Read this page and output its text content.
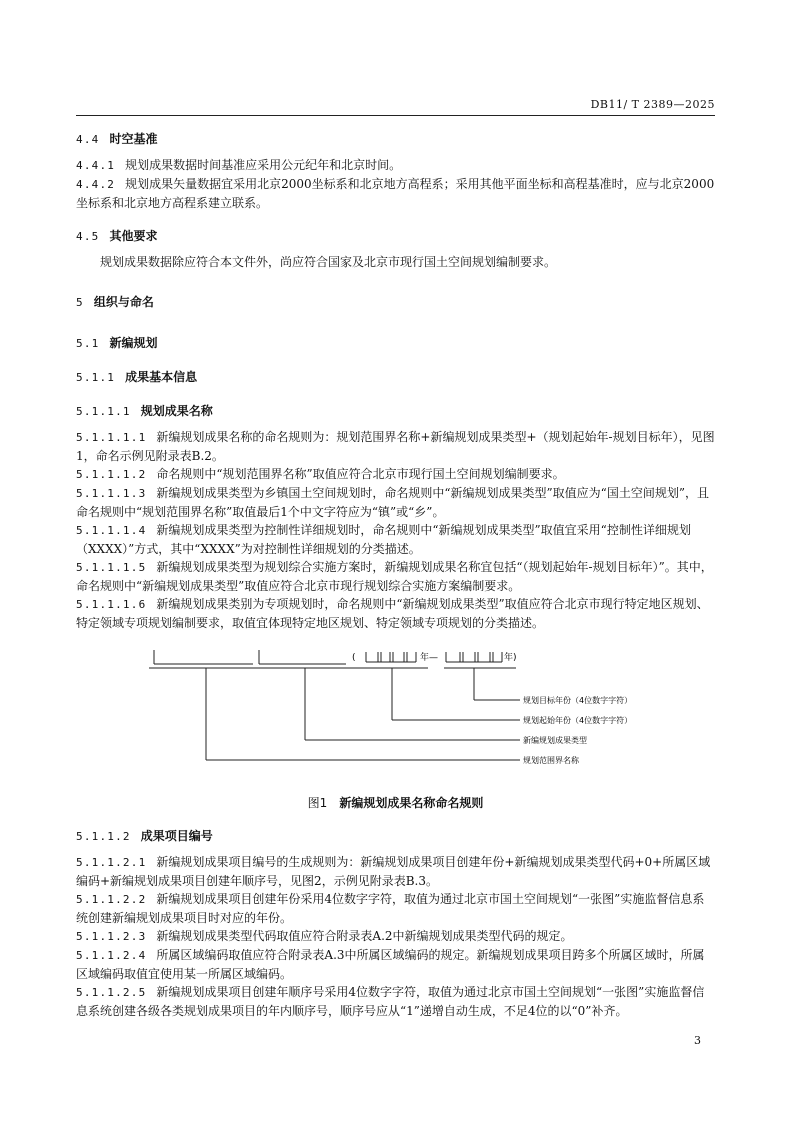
DB11/ T 2389—2025

4.4 时空基准

4.4.1 规划成果数据时间基准应采用公元纪年和北京时间。

4.4.2 规划成果矢量数据宜采用北京2000坐标系和北京地方高程系；采用其他平面坐标和高程基准时，应与北京2000坐标系和北京地方高程系建立联系。

4.5 其他要求

规划成果数据除应符合本文件外，尚应符合国家及北京市现行国土空间规划编制要求。

5 组织与命名

5.1 新编规划

5.1.1 成果基本信息

5.1.1.1 规划成果名称

5.1.1.1.1 新编规划成果名称的命名规则为：规划范围界名称+新编规划成果类型+（规划起始年-规划目标年），见图1，命名示例见附录表B.2。

5.1.1.1.2 命名规则中“规划范围界名称”取值应符合北京市现行国土空间规划编制要求。

5.1.1.1.3 新编规划成果类型为乡镇国土空间规划时，命名规则中“新编规划成果类型”取值应为“国土空间规划”，且命名规则中“规划范围界名称”取值最后1个中文字符应为“镇”或“乡”。

5.1.1.1.4 新编规划成果类型为控制性详细规划时，命名规则中“新编规划成果类型”取值宜采用“控制性详细规划（XXXX）”方式，其中“XXXX”为对控制性详细规划的分类描述。

5.1.1.1.5 新编规划成果类型为规划综合实施方案时，新编规划成果名称宜包括“（规划起始年-规划目标年）”。其中，命名规则中“新编规划成果类型”取值应符合北京市现行规划综合实施方案编制要求。

5.1.1.1.6 新编规划成果类别为专项规划时，命名规则中“新编规划成果类型”取值应符合北京市现行特定地区规划、特定领域专项规划编制要求，取值宜体现特定地区规划、特定领域专项规划的分类描述。

(	年—	年)
规划目标年份（4位数字字符）
规划起始年份（4位数字字符）
新编规划成果类型
规划范围界名称

图1 新编规划成果名称命名规则

5.1.1.2 成果项目编号

5.1.1.2.1 新编规划成果项目编号的生成规则为：新编规划成果项目创建年份+新编规划成果类型代码+0+所属区域编码+新编规划成果项目创建年顺序号，见图2，示例见附录表B.3。

5.1.1.2.2 新编规划成果项目创建年份采用4位数字字符，取值为通过北京市国土空间规划“一张图”实施监督信息系统创建新编规划成果项目时对应的年份。

5.1.1.2.3 新编规划成果类型代码取值应符合附录表A.2中新编规划成果类型代码的规定。

5.1.1.2.4 所属区域编码取值应符合附录表A.3中所属区域编码的规定。新编规划成果项目跨多个所属区域时，所属区域编码取值宜使用某一所属区域编码。

5.1.1.2.5 新编规划成果项目创建年顺序号采用4位数字字符，取值为通过北京市国土空间规划“一张图”实施监督信息系统创建各级各类规划成果项目的年内顺序号，顺序号应从“1”递增自动生成，不足4位的以“0”补齐。

3
